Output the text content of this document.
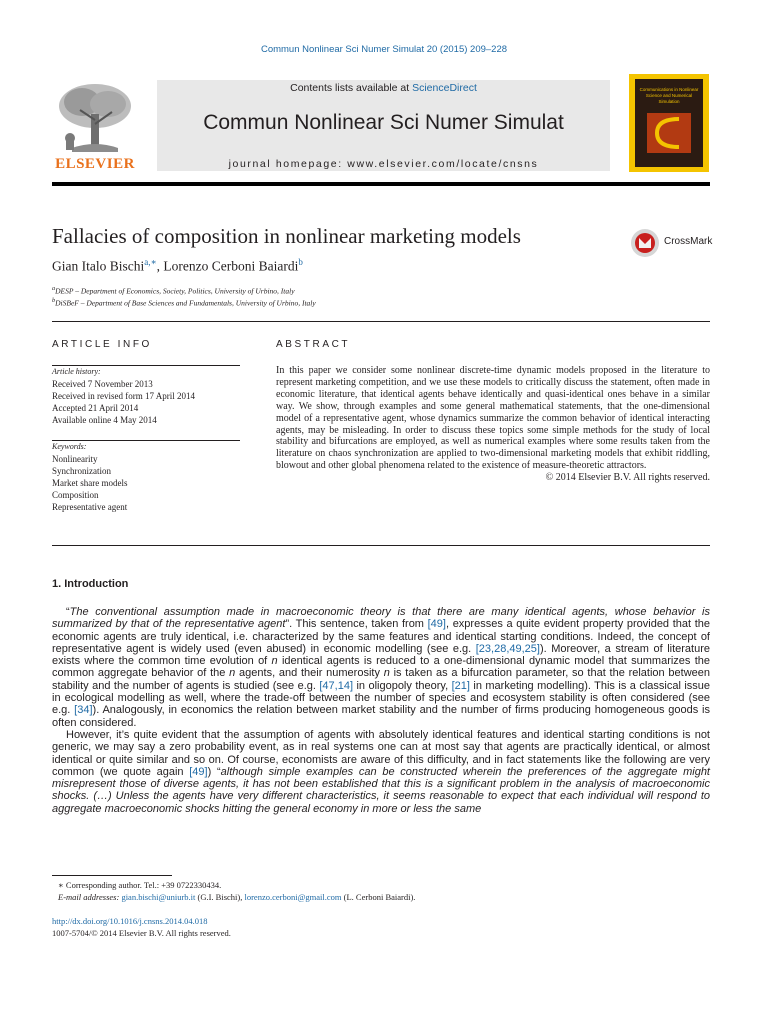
Commun Nonlinear Sci Numer Simulat 20 (2015) 209–228
ELSEVIER
Contents lists available at ScienceDirect
Commun Nonlinear Sci Numer Simulat
journal homepage: www.elsevier.com/locate/cnsns
Communications in Nonlinear Science and Numerical Simulation
Fallacies of composition in nonlinear marketing models	CrossMark
Gian Italo Bischi$^{a,∗}$, Lorenzo Cerboni Baiardi$^b$
$^a$DESP – Department of Economics, Society, Politics, University of Urbino, Italy
$^b$DiSBeF – Department of Base Sciences and Fundamentals, University of Urbino, Italy
ARTICLE INFO
Article history:
Received 7 November 2013
Received in revised form 17 April 2014
Accepted 21 April 2014
Available online 4 May 2014
Keywords:
Nonlinearity
Synchronization
Market share models
Composition
Representative agent
ABSTRACT
In this paper we consider some nonlinear discrete-time dynamic models proposed in the literature to represent marketing competition, and we use these models to critically discuss the statement, often made in economic literature, that identical agents behave identically and quasi-identical ones behave in a similar way. We show, through examples and some general mathematical statements, that the one-dimensional model of a representative agent, whose dynamics summarize the common behavior of identical interacting agents, may be misleading. In order to discuss these topics some simple methods for the study of local stability and bifurcations are employed, as well as numerical examples where some results taken from the literature on chaos synchronization are applied to two-dimensional marketing models that exhibit riddling, blowout and other global phenomena related to the existence of measure-theoretic attractors.
© 2014 Elsevier B.V. All rights reserved.
1. Introduction

“The conventional assumption made in macroeconomic theory is that there are many identical agents, whose behavior is summarized by that of the representative agent”. This sentence, taken from [49], expresses a quite evident property provided that the economic agents are truly identical, i.e. characterized by the same features and identical starting conditions. Indeed, the concept of representative agent is widely used (even abused) in economic modelling (see e.g. [23,28,49,25]). Moreover, a stream of literature exists where the common time evolution of n identical agents is reduced to a one-dimensional dynamic model that summarizes the common aggregate behavior of the n agents, and their numerosity n is taken as a bifurcation parameter, so that the relation between stability and the number of agents is studied (see e.g. [47,14] in oligopoly theory, [21] in marketing modelling). This is a classical issue in ecological modelling as well, where the trade-off between the number of species and ecosystem stability is often considered (see e.g. [34]). Analogously, in economics the relation between market stability and the number of firms producing homogeneous goods is often considered.

However, it’s quite evident that the assumption of agents with absolutely identical features and identical starting conditions is not generic, we may say a zero probability event, as in real systems one can at most say that agents are practically identical, or almost identical or quite similar and so on. Of course, economists are aware of this difficulty, and in fact statements like the following are very common (we quote again [49]) “although simple examples can be constructed wherein the preferences of the aggregate might misrepresent those of diverse agents, it has not been established that this is a significant problem in the analysis of macroeconomic shocks. (…) Unless the agents have very different characteristics, it seems reasonable to expect that each individual will respond to aggregate macroeconomic shocks hitting the general economy in more or less the same

∗ Corresponding author. Tel.: +39 0722330434.
E-mail addresses: gian.bischi@uniurb.it (G.I. Bischi), lorenzo.cerboni@gmail.com (L. Cerboni Baiardi).
http://dx.doi.org/10.1016/j.cnsns.2014.04.018
1007-5704/© 2014 Elsevier B.V. All rights reserved.
